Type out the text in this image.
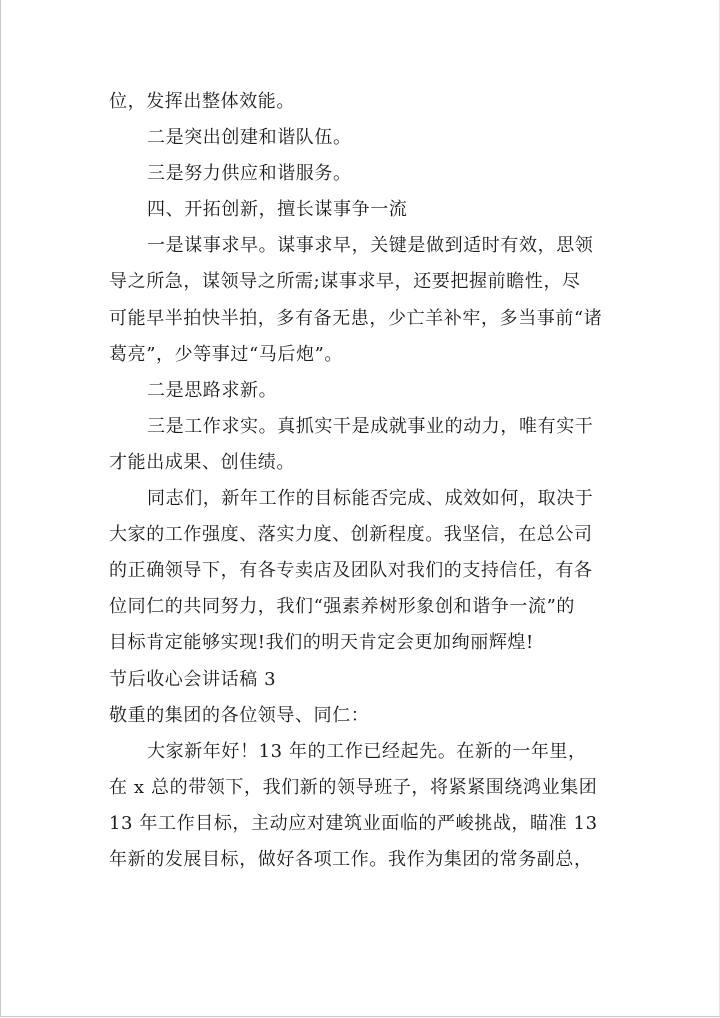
位，发挥出整体效能。
二是突出创建和谐队伍。
三是努力供应和谐服务。
四、开拓创新，擅长谋事争一流
一是谋事求早。谋事求早，关键是做到适时有效，思领
导之所急，谋领导之所需;谋事求早，还要把握前瞻性，尽
可能早半拍快半拍，多有备无患，少亡羊补牢，多当事前“诸
葛亮”，少等事过“马后炮”。
二是思路求新。
三是工作求实。真抓实干是成就事业的动力，唯有实干
才能出成果、创佳绩。
同志们，新年工作的目标能否完成、成效如何，取决于
大家的工作强度、落实力度、创新程度。我坚信，在总公司
的正确领导下，有各专卖店及团队对我们的支持信任，有各
位同仁的共同努力，我们“强素养树形象创和谐争一流”的
目标肯定能够实现!我们的明天肯定会更加绚丽辉煌!
节后收心会讲话稿 3
敬重的集团的各位领导、同仁：
大家新年好！13 年的工作已经起先。在新的一年里，
在 x 总的带领下，我们新的领导班子，将紧紧围绕鸿业集团
13 年工作目标，主动应对建筑业面临的严峻挑战，瞄准 13
年新的发展目标，做好各项工作。我作为集团的常务副总，
